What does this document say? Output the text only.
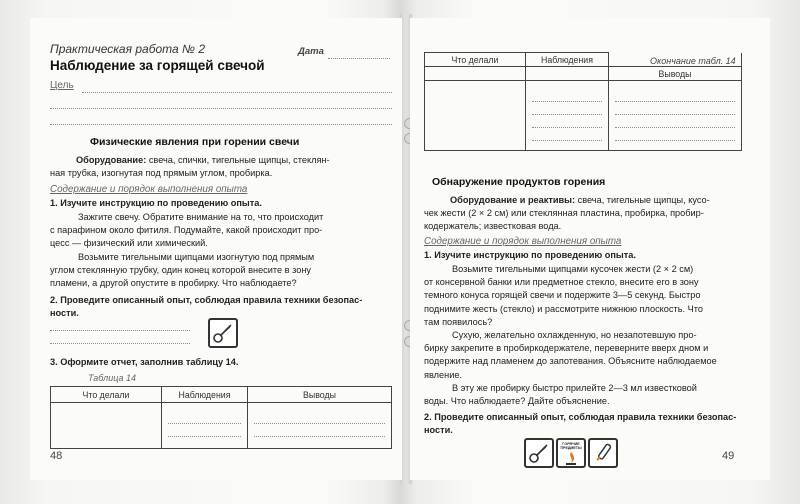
Практическая работа № 2	Дата
Наблюдение за горящей свечой
Цель
Физические явления при горении свечи

Оборудование: свеча, спички, тигельные щипцы, стеклян-

ная трубка, изогнутая под прямым углом, пробирка.

Содержание и порядок выполнения опыта
1. Изучите инструкцию по проведению опыта.

Зажгите свечу. Обратите внимание на то, что происходит

с парафином около фитиля. Подумайте, какой происходит про-

цесс — физический или химический.

Возьмите тигельными щипцами изогнутую под прямым

углом стеклянную трубку, один конец которой внесите в зону

пламени, а другой опустите в пробирку. Что наблюдаете?

2. Проведите описанный опыт, соблюдая правила техники безопас-

ности.

3. Оформите отчет, заполнив таблицу 14.
Таблица 14
Что делали	Наблюдения	Выводы

48
Окончание табл. 14
Что делали	Наблюдения	
		Выводы

Обнаружение продуктов горения

Оборудование и реактивы: свеча, тигельные щипцы, кусо-

чек жести (2 × 2 см) или стеклянная пластина, пробирка, пробир-

кодержатель; известковая вода.

Содержание и порядок выполнения опыта
1. Изучите инструкцию по проведению опыта.

Возьмите тигельными щипцами кусочек жести (2 × 2 см)

от консервной банки или предметное стекло, внесите его в зону

темного конуса горящей свечи и подержите 3—5 секунд. Быстро

поднимите жесть (стекло) и рассмотрите нижнюю плоскость. Что

там появилось?

Сухую, желательно охлажденную, но незапотевшую про-

бирку закрепите в пробиркодержателе, переверните вверх дном и

подержите над пламенем до запотевания. Объясните наблюдаемое

явление.

В эту же пробирку быстро прилейте 2—3 мл известковой

воды. Что наблюдаете? Дайте объяснение.

2. Проведите описанный опыт, соблюдая правила техники безопас-

ности.

ГОРЯЧИЕ ПРЕДМЕТЫ
49
